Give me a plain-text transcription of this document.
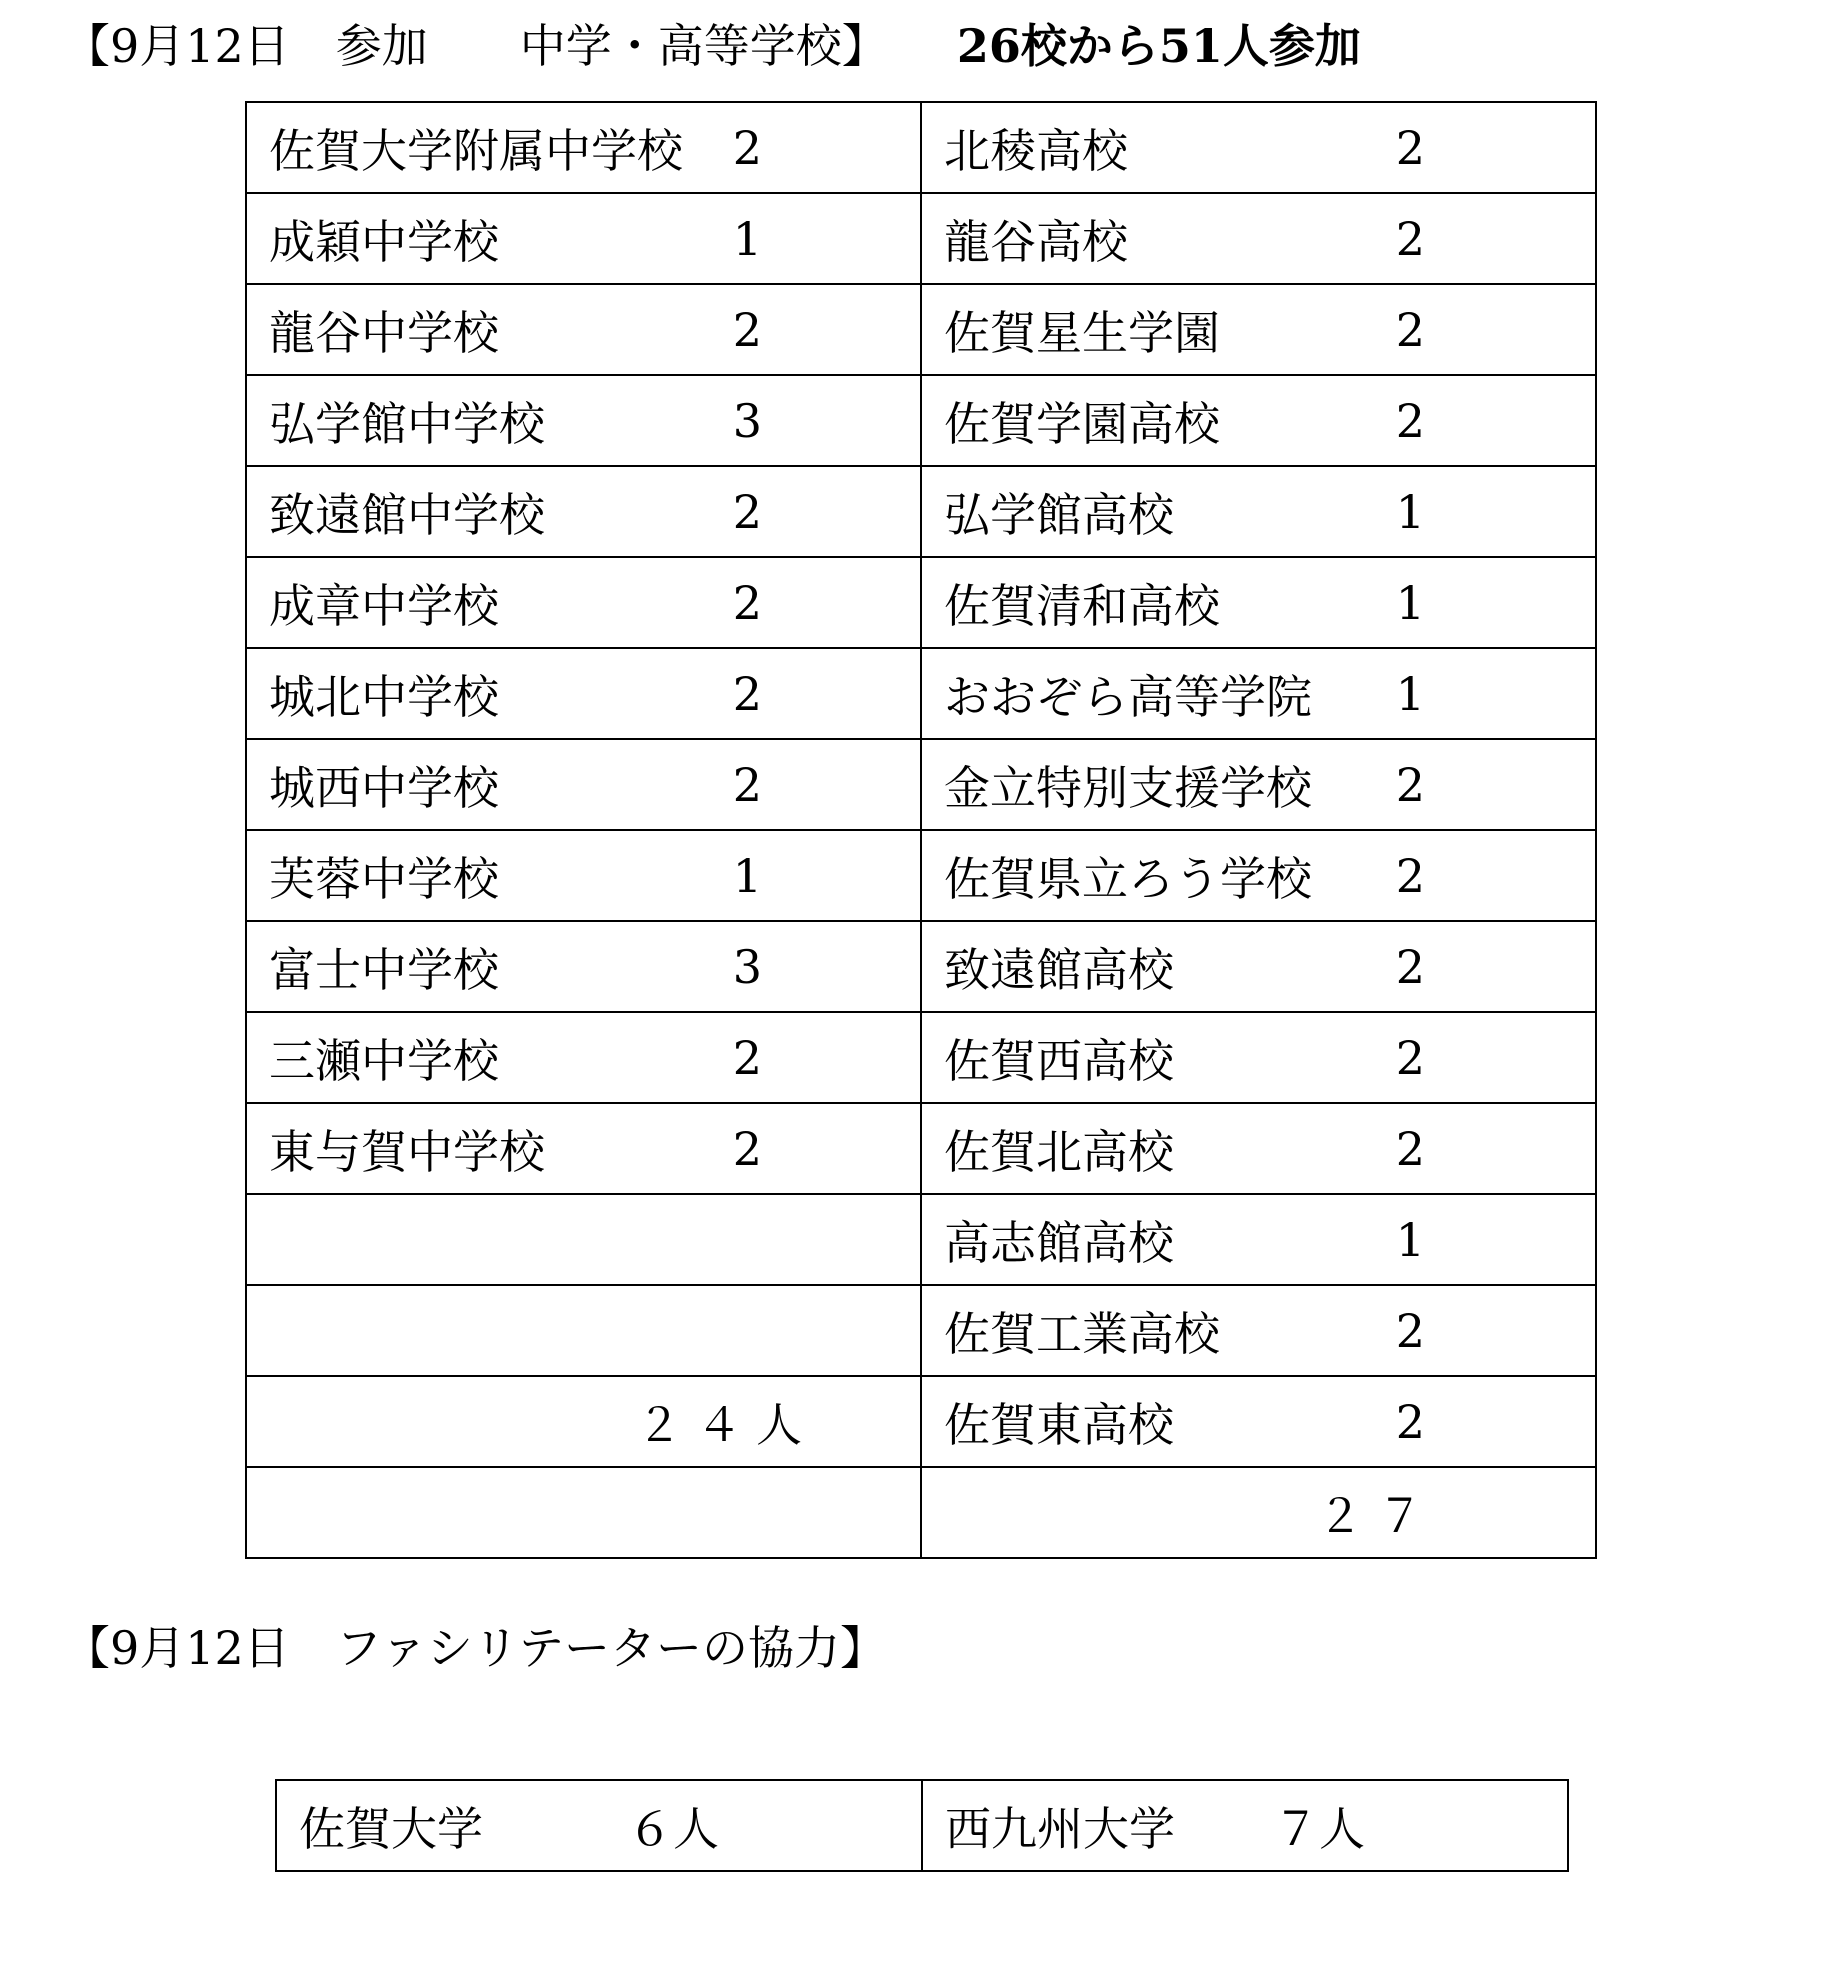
【9月12日　参加　　中学・高等学校】　　 26校から51人参加
佐賀大学附属中学校 2	北稜高校 2

成穎中学校 1	龍谷高校 2

龍谷中学校 2	佐賀星生学園 2

弘学館中学校 3	佐賀学園高校 2

致遠館中学校 2	弘学館高校 1

成章中学校 2	佐賀清和高校 1

城北中学校 2	おおぞら高等学院 1

城西中学校 2	金立特別支援学校 2

芙蓉中学校 1	佐賀県立ろう学校 2

富士中学校 3	致遠館高校 2

三瀬中学校 2	佐賀西高校 2

東与賀中学校 2	佐賀北高校 2

	高志館高校 1

	佐賀工業高校 2

２４人	佐賀東高校 2

	２７
【9月12日　ファシリテーターの協力】
佐賀大学	６人	西九州大学 ７人
